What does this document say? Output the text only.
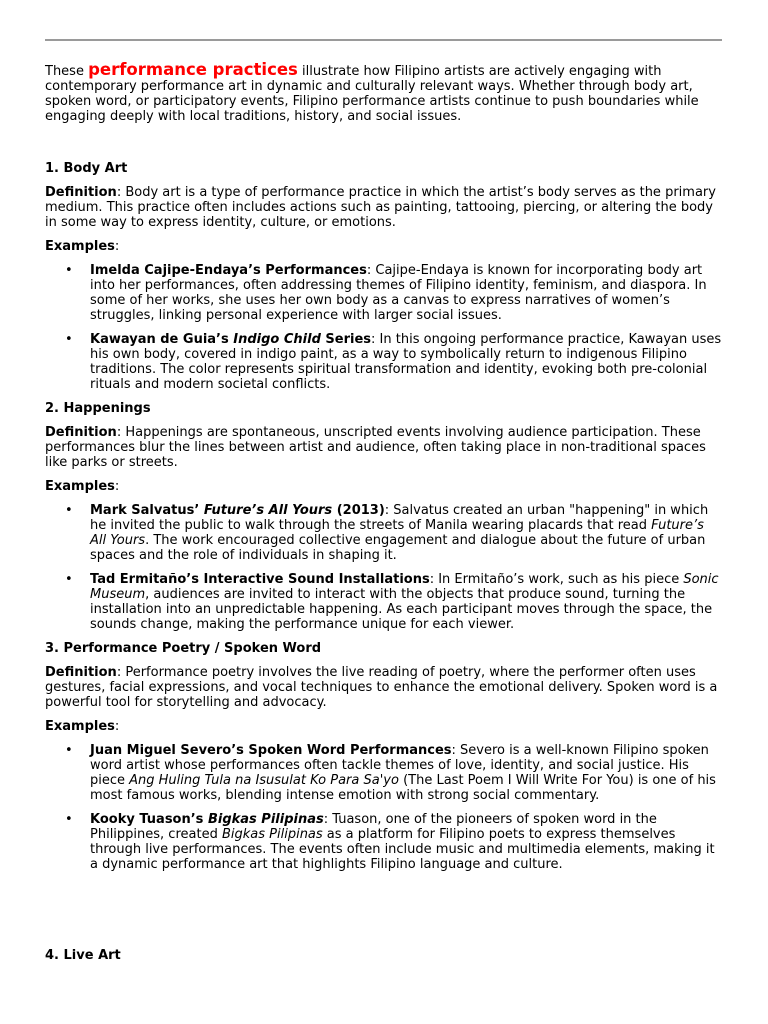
These performance practices illustrate how Filipino artists are actively engaging with contemporary performance art in dynamic and culturally relevant ways. Whether through body art, spoken word, or participatory events, Filipino performance artists continue to push boundaries while engaging deeply with local traditions, history, and social issues.

1. Body Art

Definition: Body art is a type of performance practice in which the artist’s body serves as the primary medium. This practice often includes actions such as painting, tattooing, piercing, or altering the body in some way to express identity, culture, or emotions.

Examples:

• Imelda Cajipe-Endaya’s Performances: Cajipe-Endaya is known for incorporating body art into her performances, often addressing themes of Filipino identity, feminism, and diaspora. In some of her works, she uses her own body as a canvas to express narratives of women’s struggles, linking personal experience with larger social issues.
• Kawayan de Guia’s Indigo Child Series: In this ongoing performance practice, Kawayan uses his own body, covered in indigo paint, as a way to symbolically return to indigenous Filipino traditions. The color represents spiritual transformation and identity, evoking both pre-colonial rituals and modern societal conflicts.

2. Happenings

Definition: Happenings are spontaneous, unscripted events involving audience participation. These performances blur the lines between artist and audience, often taking place in non-traditional spaces like parks or streets.

Examples:

• Mark Salvatus’ Future’s All Yours (2013): Salvatus created an urban "happening" in which he invited the public to walk through the streets of Manila wearing placards that read Future’s All Yours. The work encouraged collective engagement and dialogue about the future of urban spaces and the role of individuals in shaping it.
• Tad Ermitaño’s Interactive Sound Installations: In Ermitaño’s work, such as his piece Sonic Museum, audiences are invited to interact with the objects that produce sound, turning the installation into an unpredictable happening. As each participant moves through the space, the sounds change, making the performance unique for each viewer.

3. Performance Poetry / Spoken Word

Definition: Performance poetry involves the live reading of poetry, where the performer often uses gestures, facial expressions, and vocal techniques to enhance the emotional delivery. Spoken word is a powerful tool for storytelling and advocacy.

Examples:

• Juan Miguel Severo’s Spoken Word Performances: Severo is a well-known Filipino spoken word artist whose performances often tackle themes of love, identity, and social justice. His piece Ang Huling Tula na Isusulat Ko Para Sa'yo (The Last Poem I Will Write For You) is one of his most famous works, blending intense emotion with strong social commentary.
• Kooky Tuason’s Bigkas Pilipinas: Tuason, one of the pioneers of spoken word in the Philippines, created Bigkas Pilipinas as a platform for Filipino poets to express themselves through live performances. The events often include music and multimedia elements, making it a dynamic performance art that highlights Filipino language and culture.

4. Live Art
